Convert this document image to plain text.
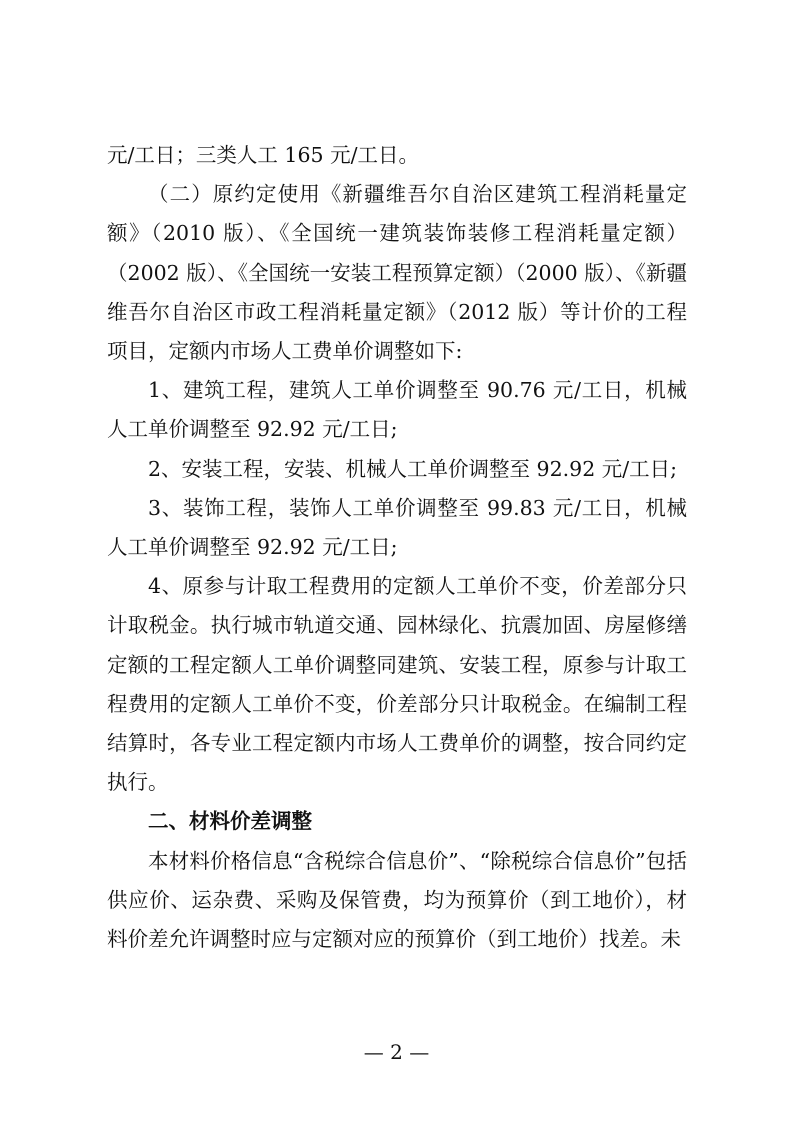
元/工日；三类人工 165 元/工日。

（二）原约定使用《新疆维吾尔自治区建筑工程消耗量定额》（2010 版）、《全国统一建筑装饰装修工程消耗量定额）（2002 版）、《全国统一安装工程预算定额）（2000 版）、《新疆维吾尔自治区市政工程消耗量定额》（2012 版）等计价的工程项目，定额内市场人工费单价调整如下:

1、建筑工程，建筑人工单价调整至 90.76 元/工日，机械人工单价调整至 92.92 元/工日;

2、安装工程，安装、机械人工单价调整至 92.92 元/工日;

3、装饰工程，装饰人工单价调整至 99.83 元/工日，机械人工单价调整至 92.92 元/工日;

4、原参与计取工程费用的定额人工单价不变，价差部分只计取税金。执行城市轨道交通、园林绿化、抗震加固、房屋修缮定额的工程定额人工单价调整同建筑、安装工程，原参与计取工程费用的定额人工单价不变，价差部分只计取税金。在编制工程结算时，各专业工程定额内市场人工费单价的调整，按合同约定执行。

二、材料价差调整

本材料价格信息“含税综合信息价”、“除税综合信息价”包括供应价、运杂费、采购及保管费，均为预算价（到工地价），材料价差允许调整时应与定额对应的预算价（到工地价）找差。未

— 2 —
